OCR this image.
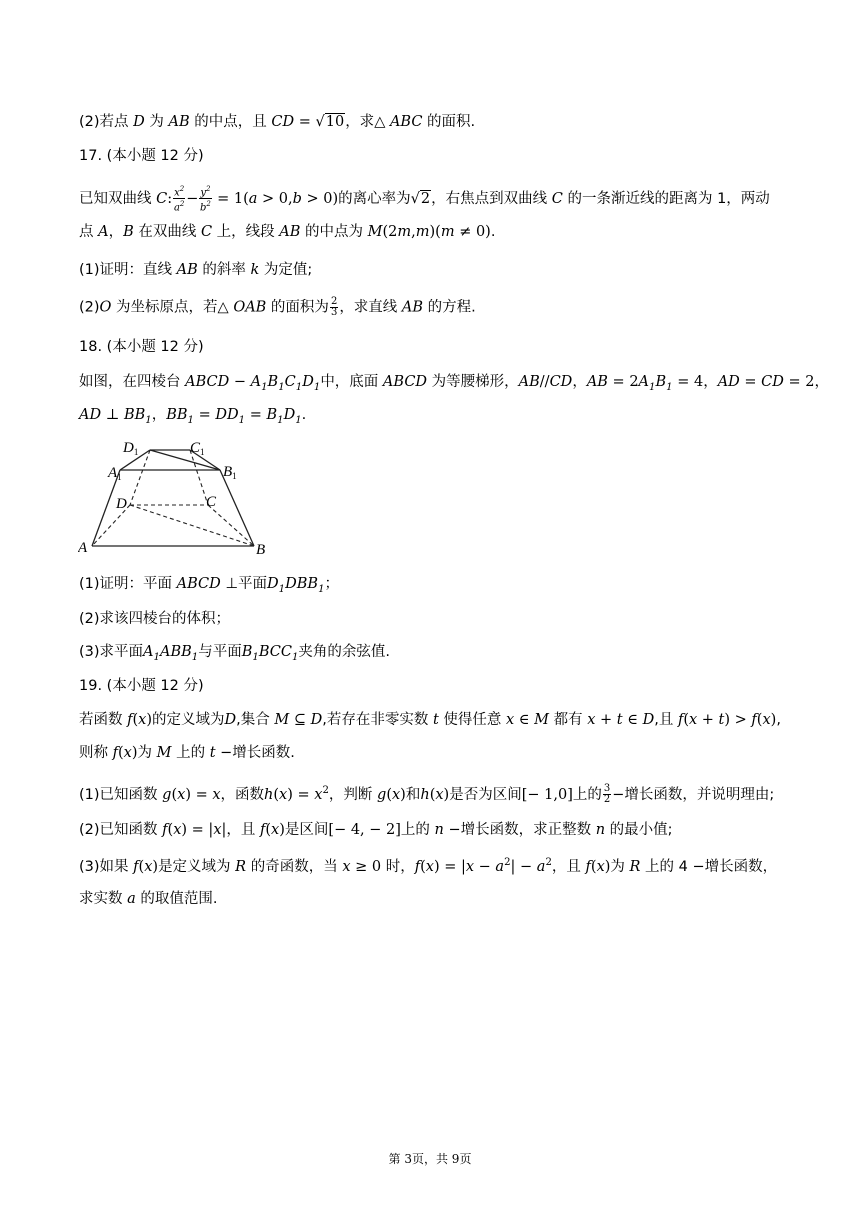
(2)若点 D 为 AB 的中点，且 CD = √10，求△ ABC 的面积.
17. (本小题 12 分)
已知双曲线 C: $\frac{x^2}{a^2} - \frac{y^2}{b^2} = 1(a > 0,b > 0)$的离心率为√2，右焦点到双曲线 C 的一条渐近线的距离为 1，两动
点 A，B 在双曲线 C 上，线段 AB 的中点为 M(2m,m)(m ≠ 0).
(1)证明：直线 AB 的斜率 k 为定值;
(2)O 为坐标原点，若△ OAB 的面积为 $\frac{2}{3}$ ，求直线 AB 的方程.
18. (本小题 12 分)
如图，在四棱台 ABCD − $A_1B_1C_1D_1$中，底面 ABCD 为等腰梯形，AB//CD，AB = $2A_1B_1 = 4$，AD = CD = 2，
AD ⊥ $BB_1$，$BB_1 = DD_1 = B_1D_1$.
A	B
C
D
$A_1$	$B_1$
$C_1$
$D_1$
(1)证明：平面 ABCD ⊥平面$D_1DBB_1$；
(2)求该四棱台的体积；
(3)求平面$A_1ABB_1$与平面$B_1BCC_1$夹角的余弦值.
19. (本小题 12 分)
若函数 f(x)的定义域为D,集合 M ⊆ D,若存在非零实数 t 使得任意 x ∈ M 都有 x + t ∈ D,且 f(x + t) > f(x),
则称 f(x)为 M 上的 t −增长函数.
(1)已知函数 g(x) = x，函数$h(x) = x^2$，判断 g(x)和h(x)是否为区间[− 1,0]上的 $\frac{3}{2}$ −增长函数，并说明理由;
(2)已知函数 f(x) = |x|，且 f(x)是区间[− 4, − 2]上的 n −增长函数，求正整数 n 的最小值;
(3)如果 f(x)是定义域为 R 的奇函数，当 x ≥ 0 时，$f(x) = |x - a^2| - a^2$，且 f(x)为 R 上的 4 −增长函数，
求实数 a 的取值范围.
第 3页，共 9页
